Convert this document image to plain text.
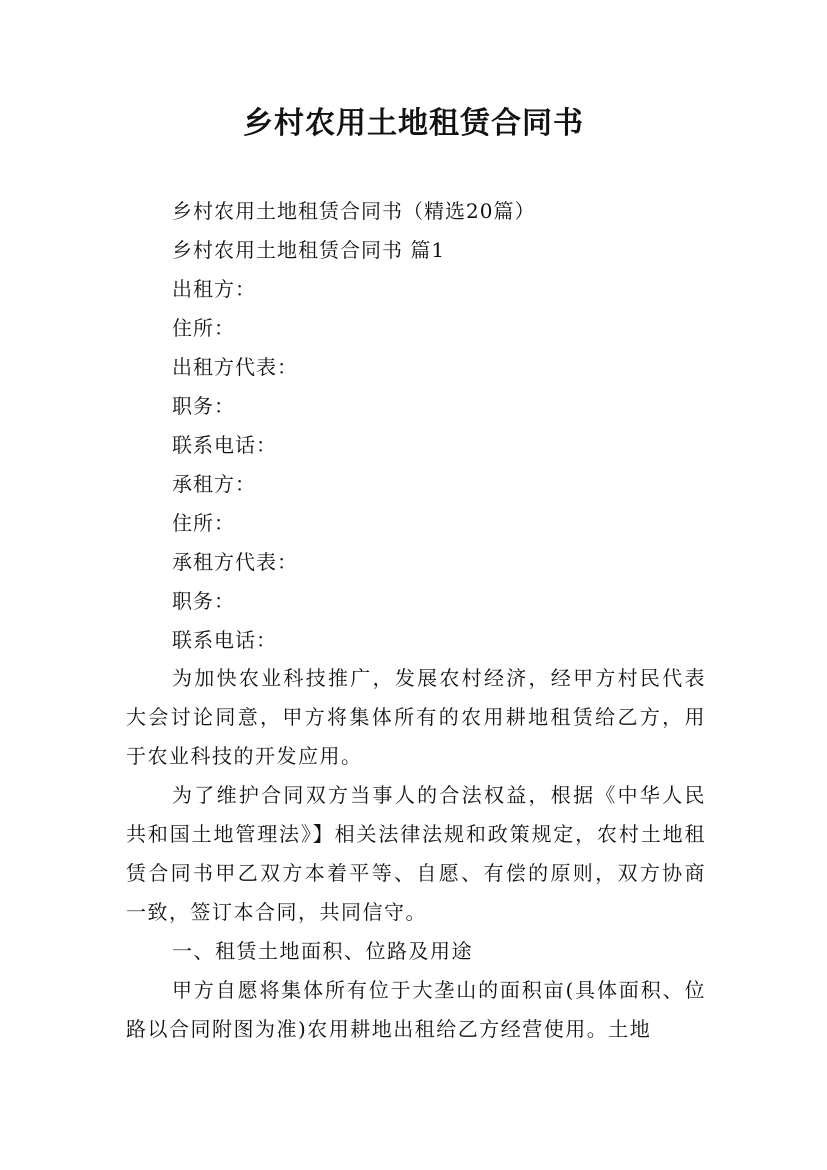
乡村农用土地租赁合同书
乡村农用土地租赁合同书（精选20篇）
乡村农用土地租赁合同书 篇1
出租方：
住所：
出租方代表：
职务：
联系电话：
承租方：
住所：
承租方代表：
职务：
联系电话：
为加快农业科技推广，发展农村经济，经甲方村民代表大会讨论同意，甲方将集体所有的农用耕地租赁给乙方，用于农业科技的开发应用。
为了维护合同双方当事人的合法权益，根据《中华人民共和国土地管理法》】相关法律法规和政策规定，农村土地租赁合同书甲乙双方本着平等、自愿、有偿的原则，双方协商一致，签订本合同，共同信守。
一、租赁土地面积、位路及用途
甲方自愿将集体所有位于大垄山的面积亩(具体面积、位路以合同附图为准)农用耕地出租给乙方经营使用。土地
